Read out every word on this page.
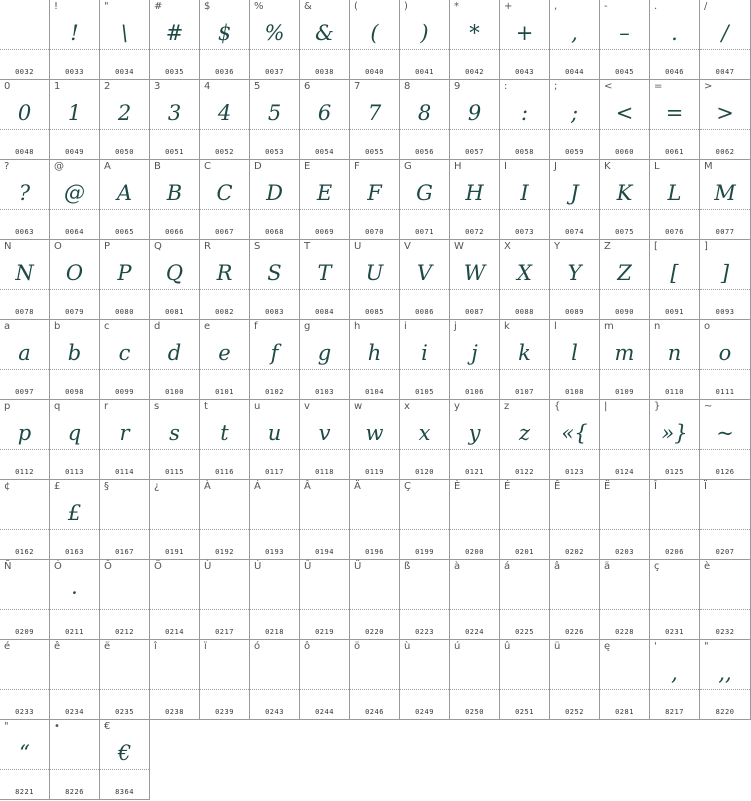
0032
!
!
0033
"
\
0034
#
#
0035
$
$
0036
%
%
0037
&
&
0038
(
(
0040
)
)
0041
*
*
0042
+
+
0043
,
,
0044
-
–
0045
.
.
0046
/
/
0047
0
0
0048
1
1
0049
2
2
0050
3
3
0051
4
4
0052
5
5
0053
6
6
0054
7
7
0055
8
8
0056
9
9
0057
:
:
0058
;
;
0059
<
<
0060
=
=
0061
>
>
0062
?
?
0063
@
@
0064
A
A
0065
B
B
0066
C
C
0067
D
D
0068
E
E
0069
F
F
0070
G
G
0071
H
H
0072
I
I
0073
J
J
0074
K
K
0075
L
L
0076
M
M
0077
N
N
0078
O
O
0079
P
P
0080
Q
Q
0081
R
R
0082
S
S
0083
T
T
0084
U
U
0085
V
V
0086
W
W
0087
X
X
0088
Y
Y
0089
Z
Z
0090
[
[
0091
]
]
0093
a
a
0097
b
b
0098
c
c
0099
d
d
0100
e
e
0101
f
f
0102
g
g
0103
h
h
0104
i
i
0105
j
j
0106
k
k
0107
l
l
0108
m
m
0109
n
n
0110
o
o
0111
p
p
0112
q
q
0113
r
r
0114
s
s
0115
t
t
0116
u
u
0117
v
v
0118
w
w
0119
x
x
0120
y
y
0121
z
z
0122
{
«{
0123
|
0124
}
»}
0125
~
~
0126
¢
0162
£
£
0163
§
0167
¿
0191
À
0192
Á
0193
Â
0194
Ä
0196
Ç
0199
È
0200
É
0201
Ê
0202
Ë
0203
Î
0206
Ï
0207
Ñ
0209
Ó
·
0211
Ô
0212
Ö
0214
Ù
0217
Ú
0218
Û
0219
Ü
0220
ß
0223
à
0224
á
0225
â
0226
ä
0228
ç
0231
è
0232
é
0233
ê
0234
ë
0235
î
0238
ï
0239
ó
0243
ô
0244
ö
0246
ù
0249
ú
0250
û
0251
ü
0252
ę
0281
'
,
8217
"
,,
8220
"
“
8221
•
8226
€
€
8364
